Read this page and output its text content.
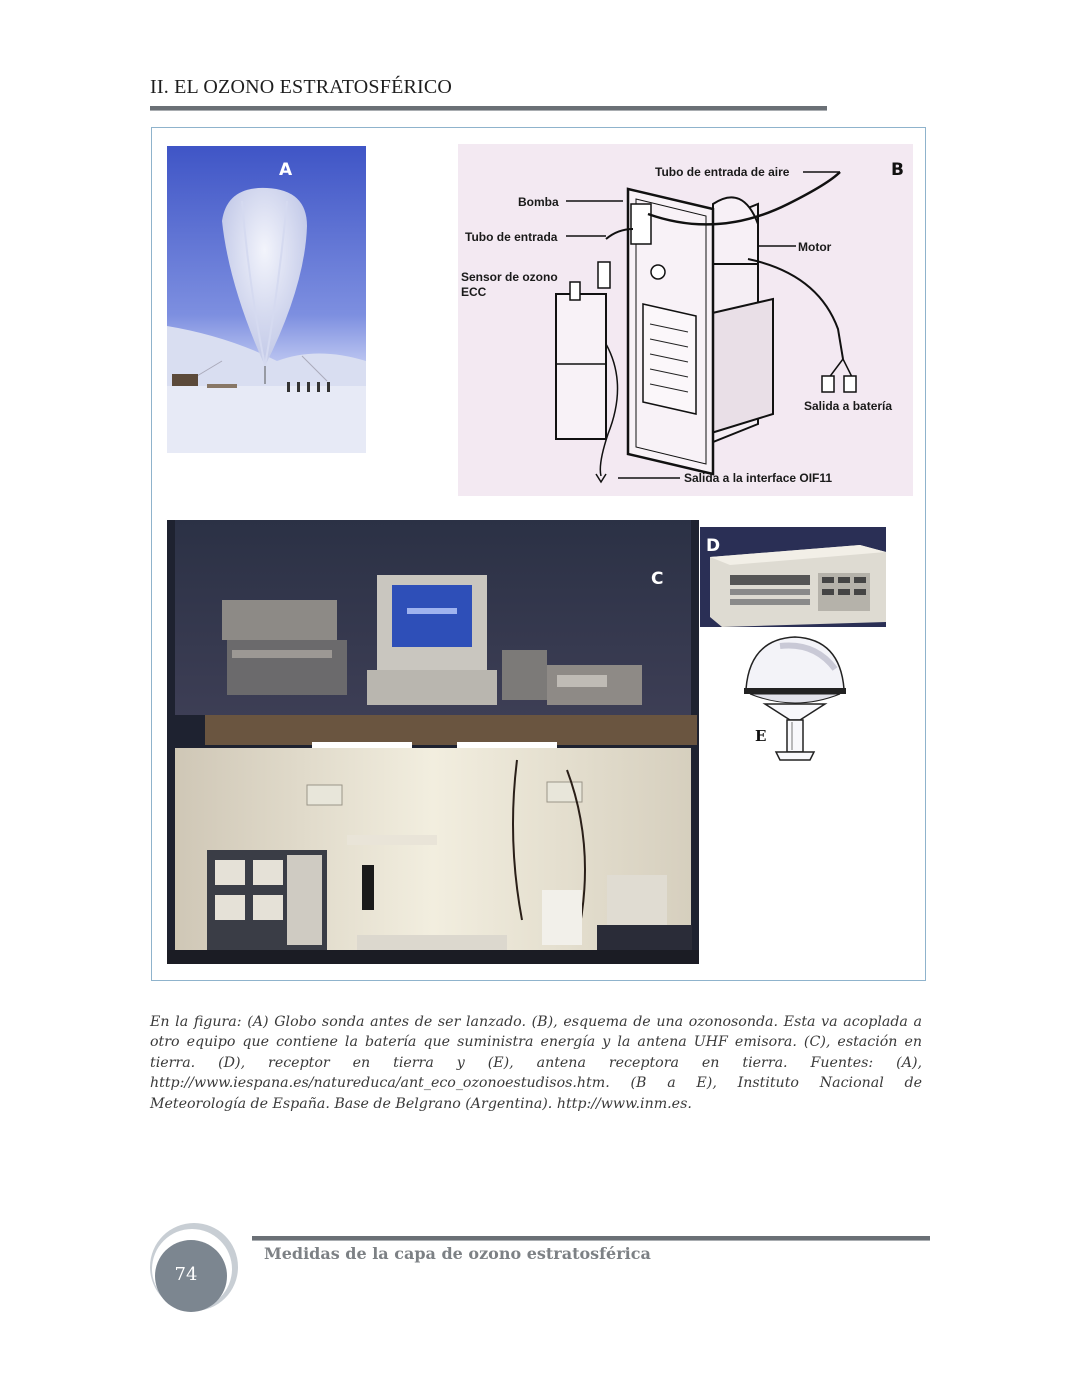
II. EL OZONO ESTRATOSFÉRICO
A	B
Tubo de entrada de aire
Bomba
Tubo de entrada
Motor
Sensor de ozono
ECC
Salida a batería
Salida a la interface OIF11
C
D
E
En la figura: (A) Globo sonda antes de ser lanzado. (B), esquema de una ozonosonda. Esta va acoplada a otro equipo que contiene la batería que suministra energía y la antena UHF emisora. (C), estación en tierra. (D), receptor en tierra y (E), antena receptora en tierra. Fuentes: (A), http://www.iespana.es/natureduca/ant_eco_ozonoestudisos.htm. (B a E), Instituto Nacional de Meteorología de España. Base de Belgrano (Argentina). http://www.inm.es.
Medidas de la capa de ozono estratosférica
74
